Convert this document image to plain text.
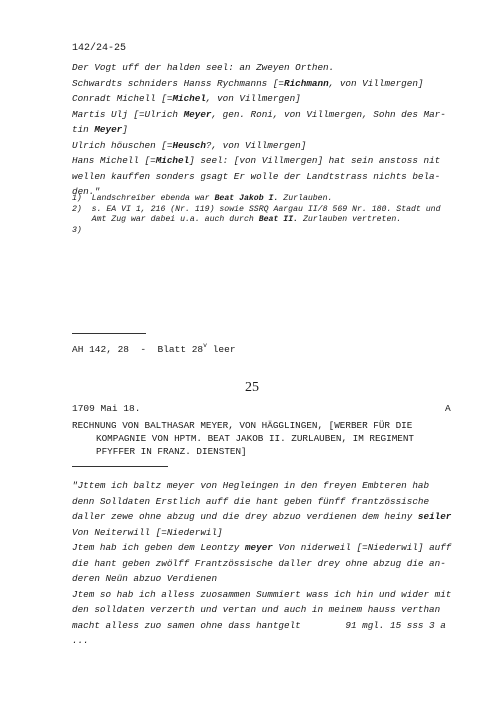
142/24-25
Der Vogt uff der halden seel: an Zweyen Orthen.
Schwardts schniders Hanss Rychmanns [=Richmann, von Villmergen]
Conradt Michell [=Michel, von Villmergen]
Martis Ulj [=Ulrich Meyer, gen. Roni, von Villmergen, Sohn des Mar-
tin Meyer]
Ulrich höuschen [=Heusch?, von Villmergen]
Hans Michell [=Michel] seel: [von Villmergen] hat sein anstoss nit
wellen kauffen sonders gsagt Er wolle der Landtstrass nichts bela-
den."
1)  Landschreiber ebenda war Beat Jakob I. Zurlauben.
2)  s. EA VI 1, 216 (Nr. 119) sowie SSRQ Aargau II/8 569 Nr. 180. Stadt und
Amt Zug war dabei u.a. auch durch Beat II. Zurlauben vertreten.
3)
AH 142, 28  -  Blatt 28$^v$ leer
25
1709 Mai 18.	A
RECHNUNG VON BALTHASAR MEYER, VON HÄGGLINGEN, [WERBER FÜR DIE
KOMPAGNIE VON HPTM. BEAT JAKOB II. ZURLAUBEN, IM REGIMENT
PFYFFER IN FRANZ. DIENSTEN]
"Jttem ich baltz meyer von Hegleingen in den freyen Embteren hab
denn Solldaten Erstlich auff die hant geben fünff frantzössische
daller zewe ohne abzug und die drey abzuo verdienen dem heiny seiler
Von Neiterwill [=Niederwil]
Jtem hab ich geben dem Leontzy meyer Von niderweil [=Niederwil] auff
die hant geben zwölff Frantzössische daller drey ohne abzug die an-
deren Neün abzuo Verdienen
Jtem so hab ich alless zuosammen Summiert wass ich hin und wider mit
den solldaten verzerth und vertan und auch in meinem hauss verthan
macht alless zuo samen ohne dass hantgelt        91 mgl. 15 sss 3 a
...
